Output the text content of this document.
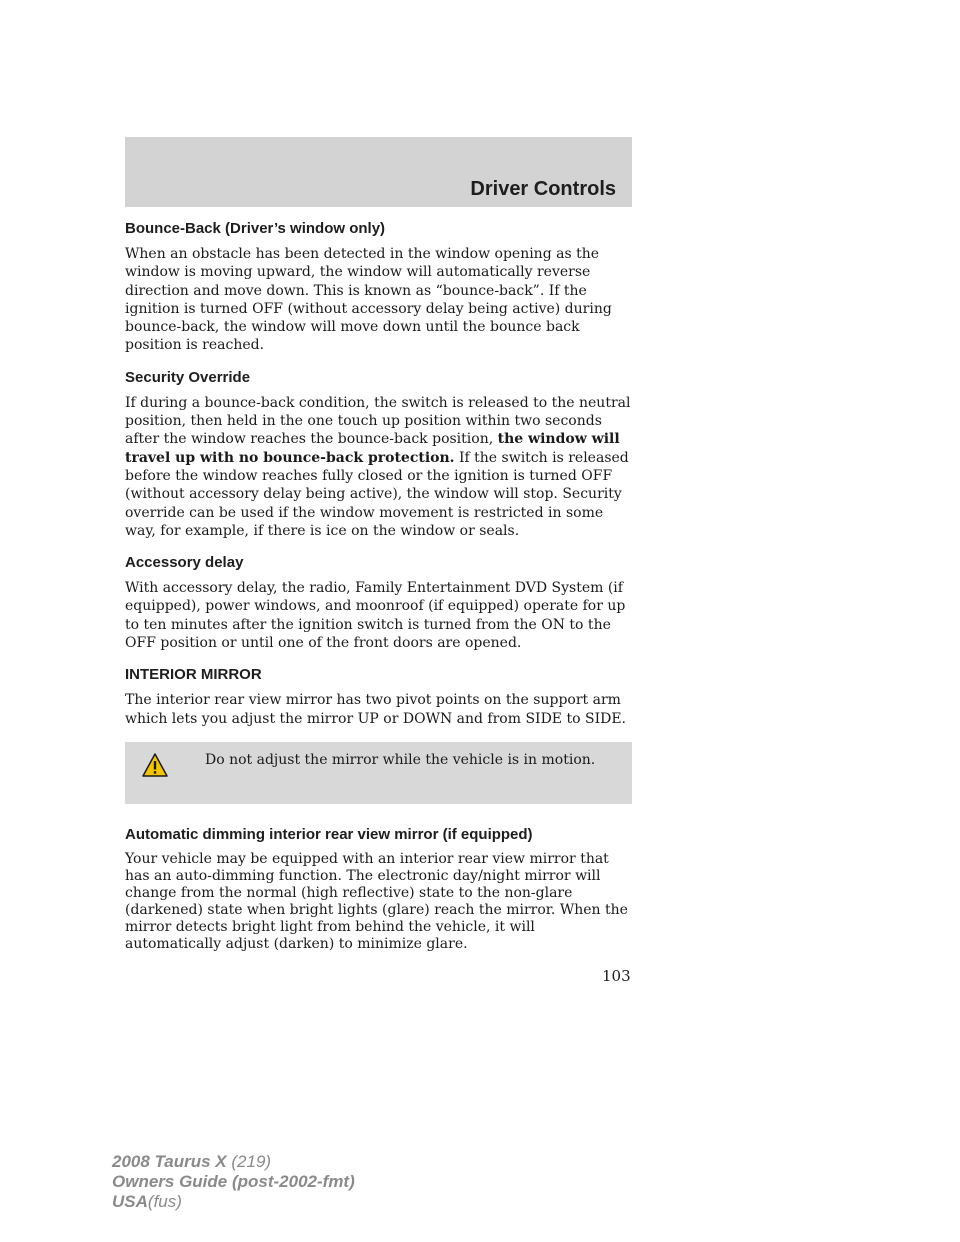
Driver Controls
Bounce-Back (Driver’s window only)

When an obstacle has been detected in the window opening as the window is moving upward, the window will automatically reverse direction and move down. This is known as “bounce-back”. If the ignition is turned OFF (without accessory delay being active) during bounce-back, the window will move down until the bounce back position is reached.

Security Override

If during a bounce-back condition, the switch is released to the neutral position, then held in the one touch up position within two seconds after the window reaches the bounce-back position, the window will travel up with no bounce-back protection. If the switch is released before the window reaches fully closed or the ignition is turned OFF (without accessory delay being active), the window will stop. Security override can be used if the window movement is restricted in some way, for example, if there is ice on the window or seals.

Accessory delay

With accessory delay, the radio, Family Entertainment DVD System (if equipped), power windows, and moonroof (if equipped) operate for up to ten minutes after the ignition switch is turned from the ON to the OFF position or until one of the front doors are opened.

INTERIOR MIRROR

The interior rear view mirror has two pivot points on the support arm which lets you adjust the mirror UP or DOWN and from SIDE to SIDE.

Do not adjust the mirror while the vehicle is in motion.
Automatic dimming interior rear view mirror (if equipped)

Your vehicle may be equipped with an interior rear view mirror that has an auto-dimming function. The electronic day/night mirror will change from the normal (high reflective) state to the non-glare (darkened) state when bright lights (glare) reach the mirror. When the mirror detects bright light from behind the vehicle, it will automatically adjust (darken) to minimize glare.

103
2008 Taurus X (219)
Owners Guide (post-2002-fmt)
USA(fus)
